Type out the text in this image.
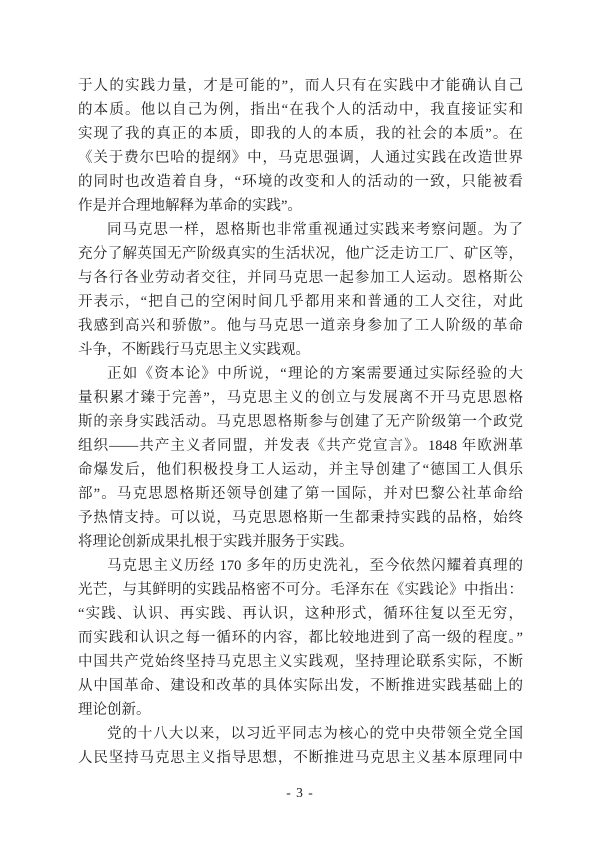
于人的实践力量，才是可能的”，而人只有在实践中才能确认自己
的本质。他以自己为例，指出“在我个人的活动中，我直接证实和
实现了我的真正的本质，即我的人的本质，我的社会的本质”。在
《关于费尔巴哈的提纲》中，马克思强调，人通过实践在改造世界
的同时也改造着自身，“环境的改变和人的活动的一致，只能被看
作是并合理地解释为革命的实践”。
同马克思一样，恩格斯也非常重视通过实践来考察问题。为了
充分了解英国无产阶级真实的生活状况，他广泛走访工厂、矿区等，
与各行各业劳动者交往，并同马克思一起参加工人运动。恩格斯公
开表示，“把自己的空闲时间几乎都用来和普通的工人交往，对此
我感到高兴和骄傲”。他与马克思一道亲身参加了工人阶级的革命
斗争，不断践行马克思主义实践观。
正如《资本论》中所说，“理论的方案需要通过实际经验的大
量积累才臻于完善”，马克思主义的创立与发展离不开马克思恩格
斯的亲身实践活动。马克思恩格斯参与创建了无产阶级第一个政党
组织——共产主义者同盟，并发表《共产党宣言》。1848 年欧洲革
命爆发后，他们积极投身工人运动，并主导创建了“德国工人俱乐
部”。马克思恩格斯还领导创建了第一国际，并对巴黎公社革命给
予热情支持。可以说，马克思恩格斯一生都秉持实践的品格，始终
将理论创新成果扎根于实践并服务于实践。
马克思主义历经 170 多年的历史洗礼，至今依然闪耀着真理的
光芒，与其鲜明的实践品格密不可分。毛泽东在《实践论》中指出：
“实践、认识、再实践、再认识，这种形式，循环往复以至无穷，
而实践和认识之每一循环的内容，都比较地进到了高一级的程度。”
中国共产党始终坚持马克思主义实践观，坚持理论联系实际，不断
从中国革命、建设和改革的具体实际出发，不断推进实践基础上的
理论创新。
党的十八大以来，以习近平同志为核心的党中央带领全党全国
人民坚持马克思主义指导思想，不断推进马克思主义基本原理同中
- 3 -
